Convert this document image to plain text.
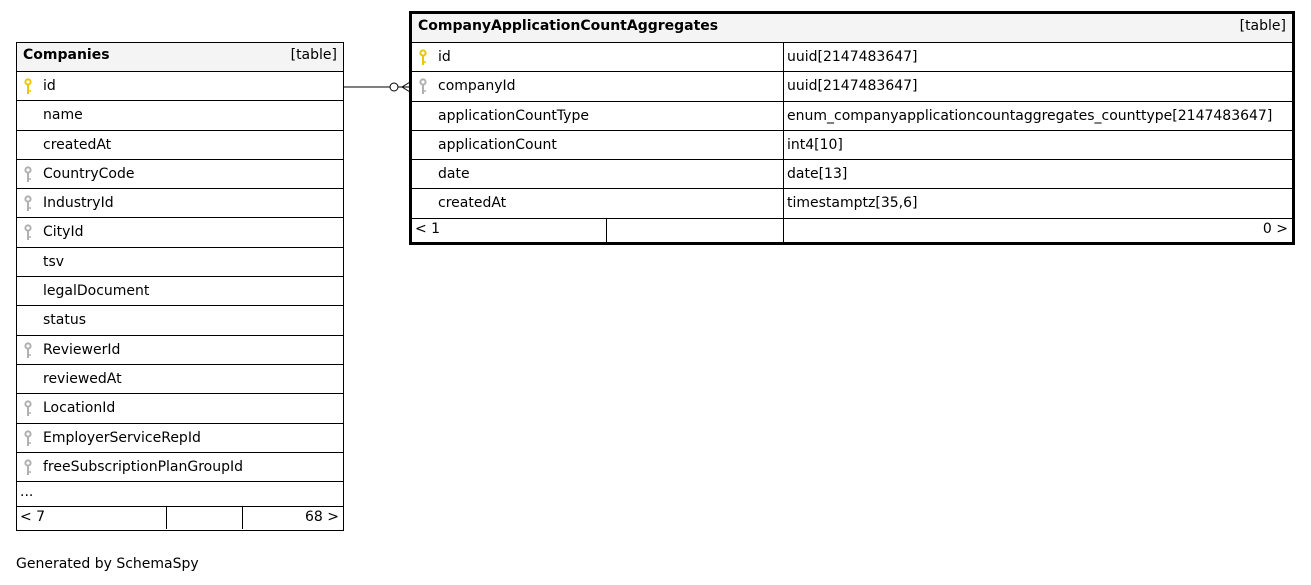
Companies	[table]
id
name
createdAt
CountryCode
IndustryId
CityId
tsv
legalDocument
status
ReviewerId
reviewedAt
LocationId
EmployerServiceRepId
freeSubscriptionPlanGroupId
...
< 7	68 >
CompanyApplicationCountAggregates	[table]
id	uuid[2147483647]
companyId	uuid[2147483647]
applicationCountType	enum_companyapplicationcountaggregates_counttype[2147483647]
applicationCount	int4[10]
date	date[13]
createdAt	timestamptz[35,6]
< 1	0 >
Generated by SchemaSpy
